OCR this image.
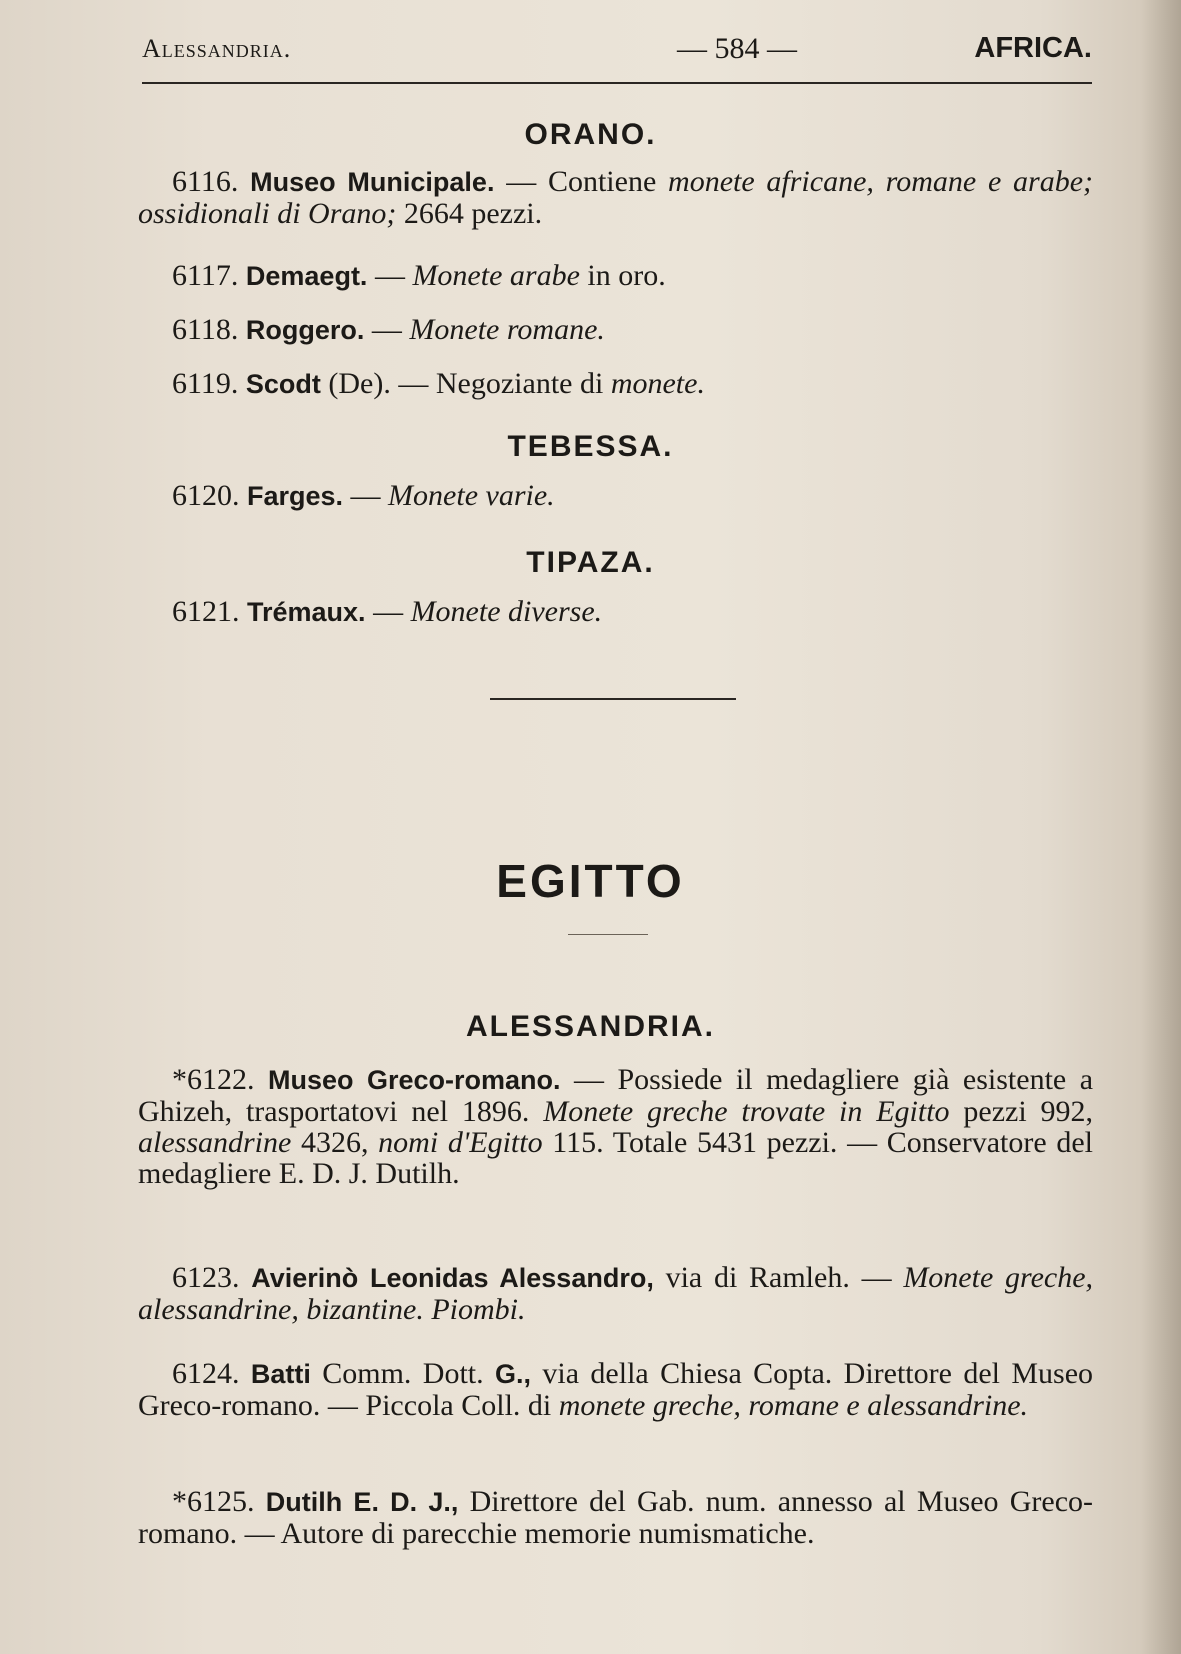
Alessandria.	— 584 —	AFRICA.
ORANO.
6116. Museo Municipale. — Contiene monete africane, romane e arabe; ossidionali di Orano; 2664 pezzi.
6117. Demaegt. — Monete arabe in oro.
6118. Roggero. — Monete romane.
6119. Scodt (De). — Negoziante di monete.
TEBESSA.
6120. Farges. — Monete varie.
TIPAZA.
6121. Trémaux. — Monete diverse.
EGITTO
ALESSANDRIA.
*6122. Museo Greco-romano. — Possiede il medagliere già esistente a Ghizeh, trasportatovi nel 1896. Monete greche trovate in Egitto pezzi 992, alessandrine 4326, nomi d'Egitto 115. Totale 5431 pezzi. — Conservatore del medagliere E. D. J. Dutilh.
6123. Avierinò Leonidas Alessandro, via di Ramleh. — Monete greche, alessandrine, bizantine. Piombi.
6124. Batti Comm. Dott. G., via della Chiesa Copta. Direttore del Museo Greco-romano. — Piccola Coll. di monete greche, romane e alessandrine.
*6125. Dutilh E. D. J., Direttore del Gab. num. annesso al Museo Greco-romano. — Autore di parecchie memorie numismatiche.
